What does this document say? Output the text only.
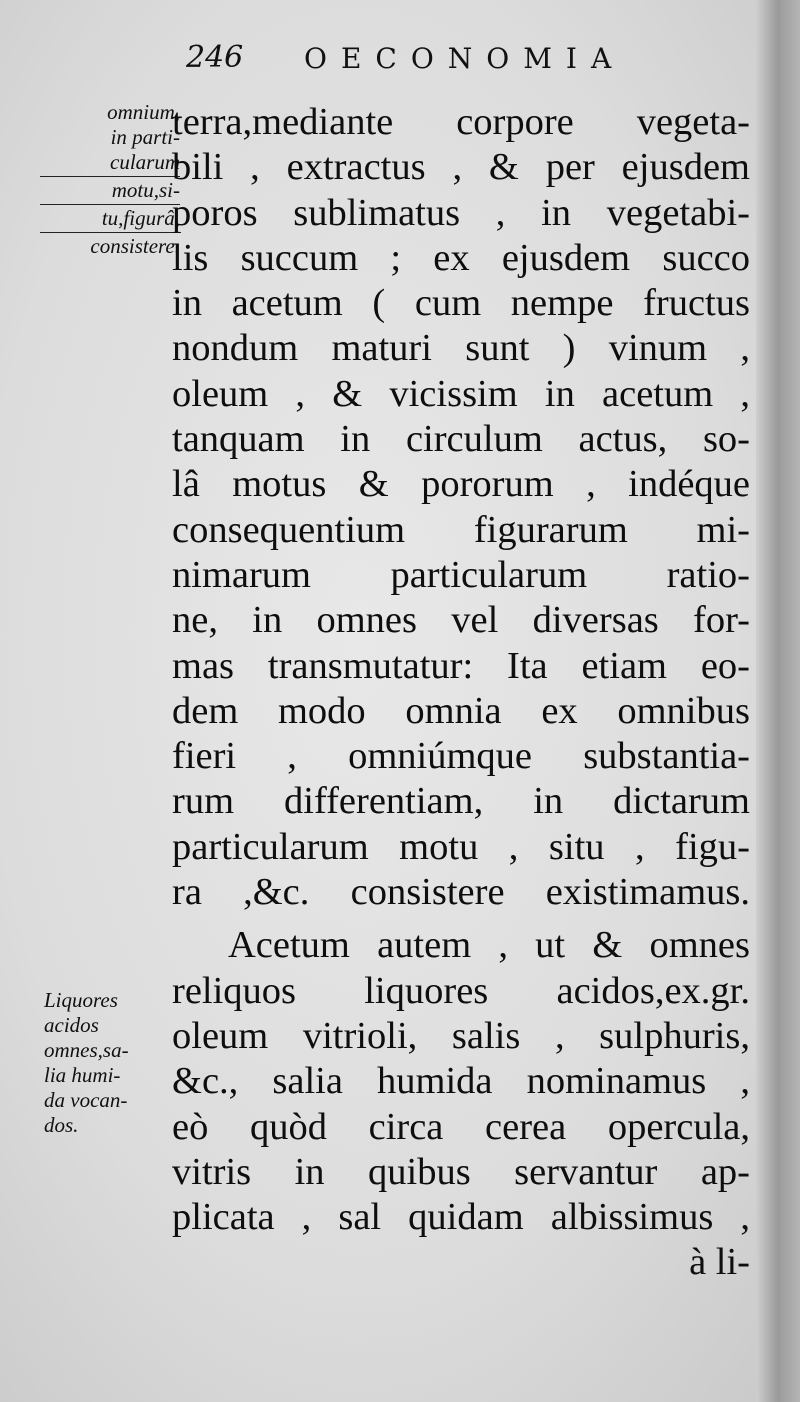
246 OECONOMIA
omnium,
in parti-
cularum
motu,si-
tu,figurâ,
consistere.
terra,mediante corpore vegeta-
bili , extractus , & per ejusdem
poros sublimatus , in vegetabi-
lis succum ; ex ejusdem succo
in acetum ( cum nempe fructus
nondum maturi sunt ) vinum ,
oleum , & vicissim in acetum ,
tanquam in circulum actus, so-
lâ motus & pororum , indéque
consequentium figurarum mi-
nimarum particularum ratio-
ne, in omnes vel diversas for-
mas transmutatur: Ita etiam eo-
dem modo omnia ex omnibus
fieri , omniúmque substantia-
rum differentiam, in dictarum
particularum motu , situ , figu-
ra ,&c. consistere existimamus.
Acetum autem , ut & omnes
reliquos liquores acidos,ex.gr.
oleum vitrioli, salis , sulphuris,
&c., salia humida nominamus ,
eò quòd circa cerea opercula,
vitris in quibus servantur ap-
plicata , sal quidam albissimus ,
à li-
Liquores
acidos
omnes,sa-
lia humi-
da vocan-
dos.
